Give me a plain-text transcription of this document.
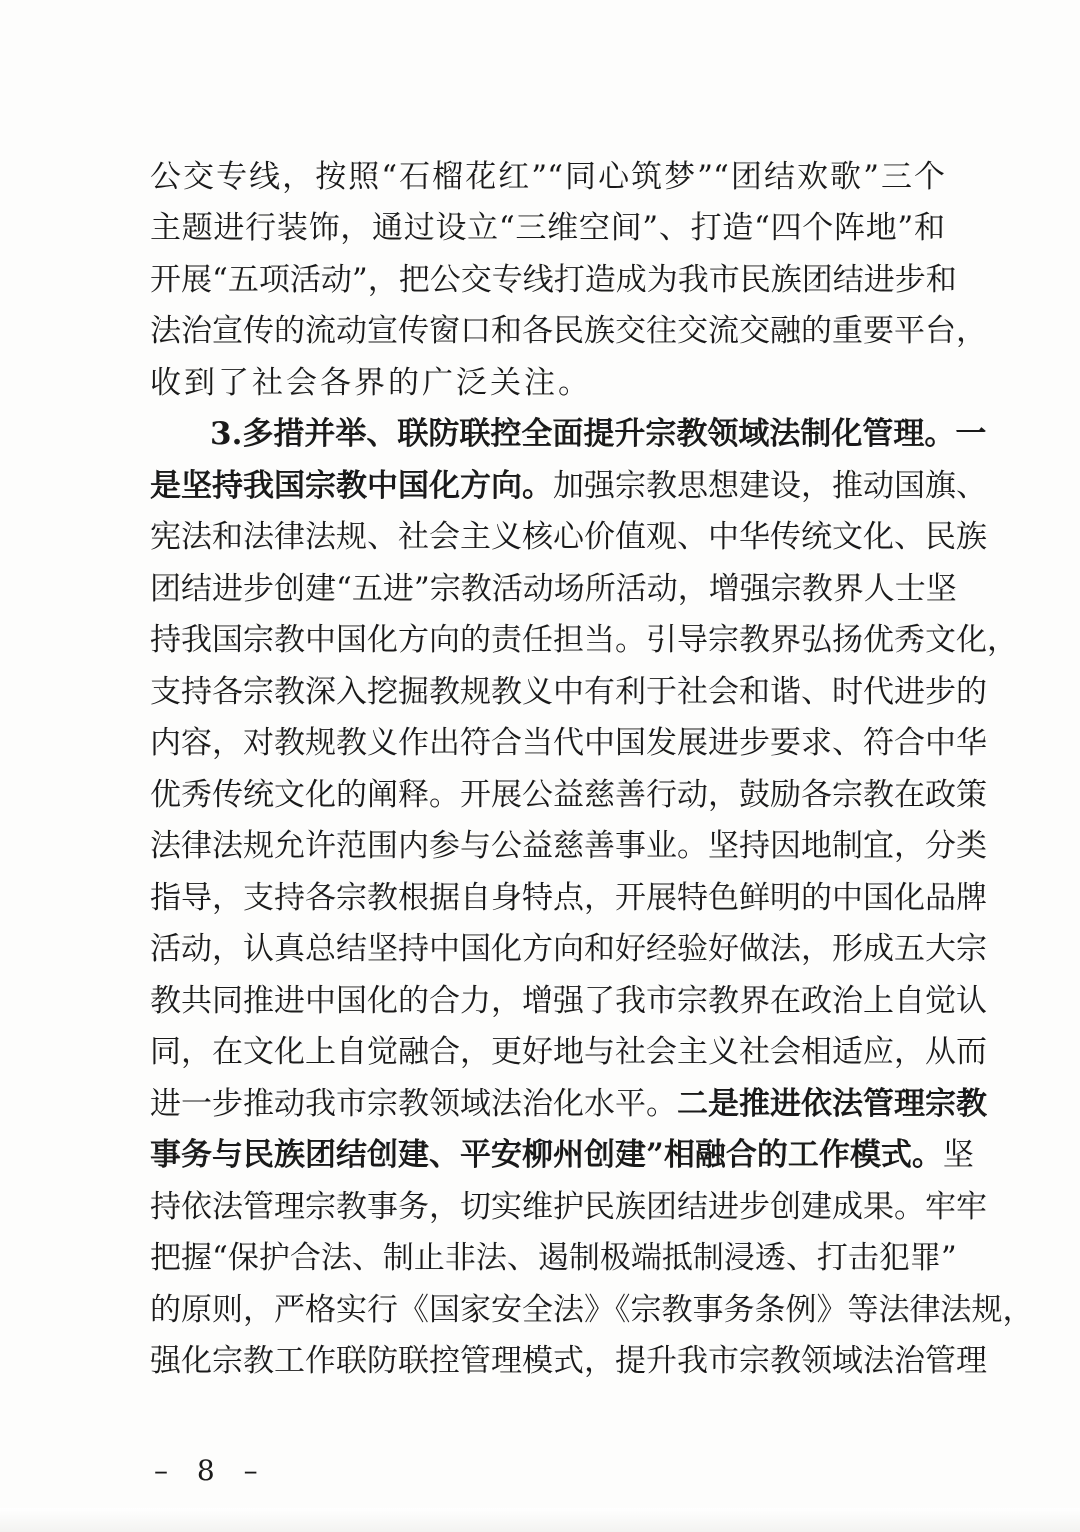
公交专线，按照“石榴花红”“同心筑梦”“团结欢歌”三个
主题进行装饰，通过设立“三维空间”、打造“四个阵地”和
开展“五项活动”，把公交专线打造成为我市民族团结进步和
法治宣传的流动宣传窗口和各民族交往交流交融的重要平台，
收到了社会各界的广泛关注。
3.多措并举、联防联控全面提升宗教领域法制化管理。一
是坚持我国宗教中国化方向。加强宗教思想建设，推动国旗、
宪法和法律法规、社会主义核心价值观、中华传统文化、民族
团结进步创建“五进”宗教活动场所活动，增强宗教界人士坚
持我国宗教中国化方向的责任担当。引导宗教界弘扬优秀文化，
支持各宗教深入挖掘教规教义中有利于社会和谐、时代进步的
内容，对教规教义作出符合当代中国发展进步要求、符合中华
优秀传统文化的阐释。开展公益慈善行动，鼓励各宗教在政策
法律法规允许范围内参与公益慈善事业。坚持因地制宜，分类
指导，支持各宗教根据自身特点，开展特色鲜明的中国化品牌
活动，认真总结坚持中国化方向和好经验好做法，形成五大宗
教共同推进中国化的合力，增强了我市宗教界在政治上自觉认
同，在文化上自觉融合，更好地与社会主义社会相适应，从而
进一步推动我市宗教领域法治化水平。二是推进依法管理宗教
事务与民族团结创建、平安柳州创建”相融合的工作模式。坚
持依法管理宗教事务，切实维护民族团结进步创建成果。牢牢
把握“保护合法、制止非法、遏制极端抵制浸透、打击犯罪”
的原则，严格实行《国家安全法》《宗教事务条例》等法律法规，
强化宗教工作联防联控管理模式，提升我市宗教领域法治管理
– 8 –
